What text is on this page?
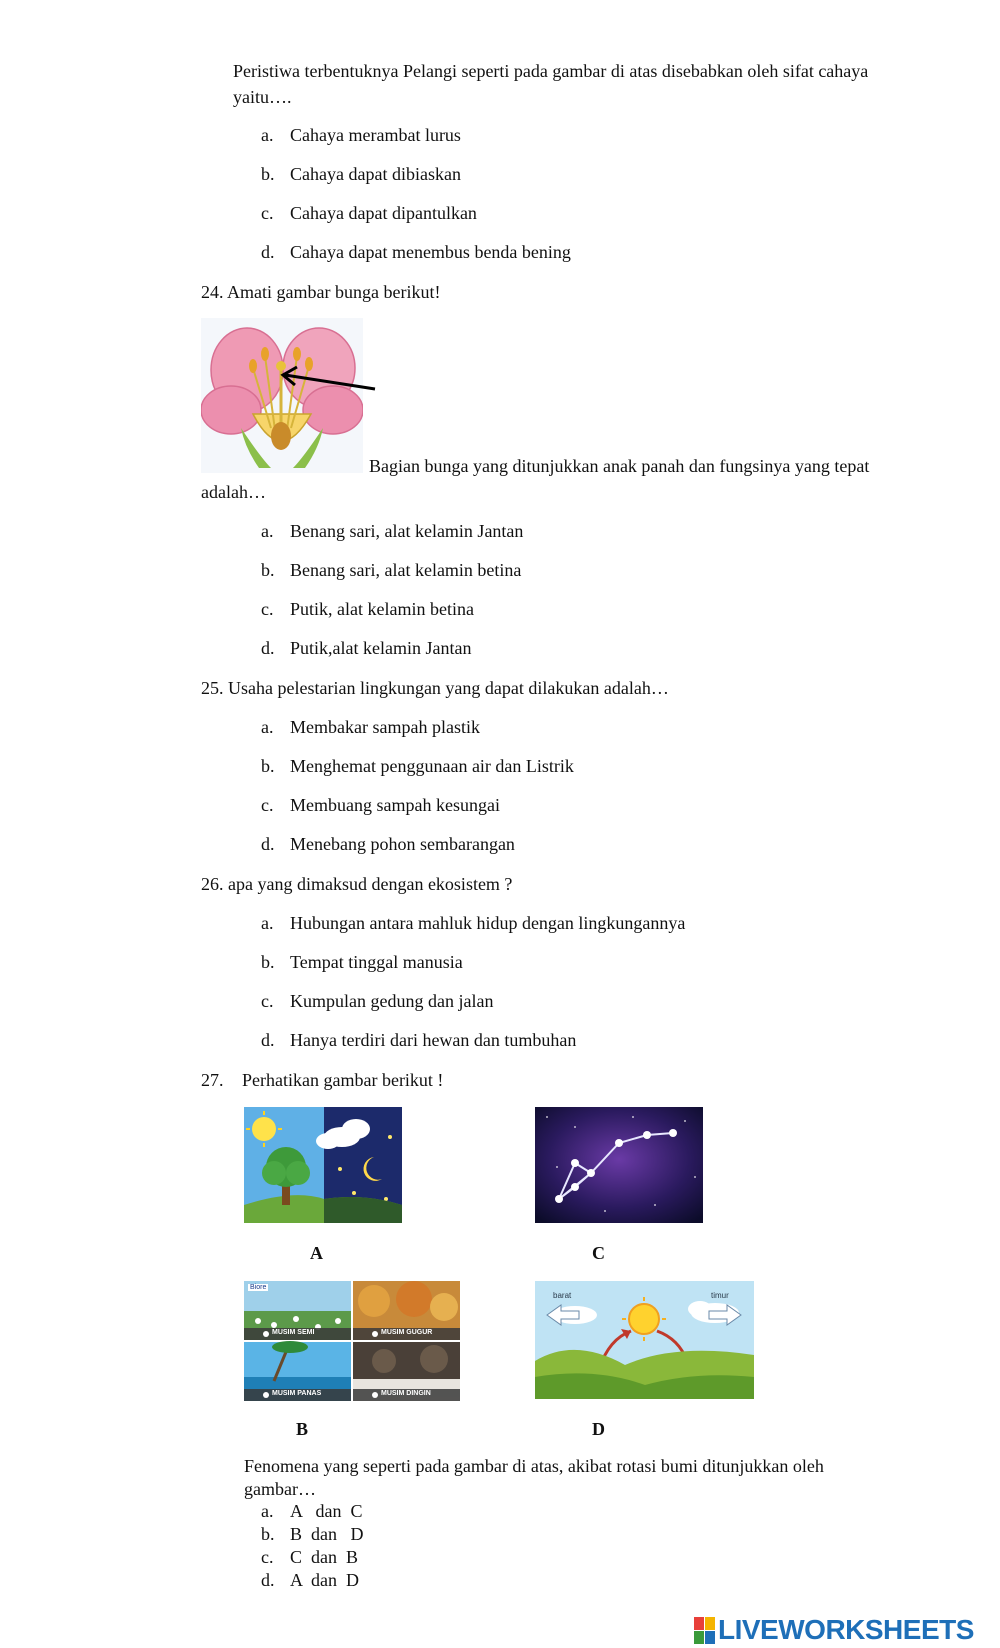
Peristiwa terbentuknya Pelangi seperti pada gambar di atas disebabkan oleh sifat cahaya
yaitu….
a. Cahaya merambat lurus
b. Cahaya dapat dibiaskan
c. Cahaya dapat dipantulkan
d. Cahaya dapat menembus benda bening
24. Amati gambar bunga berikut!
Bagian bunga yang ditunjukkan anak panah dan fungsinya yang tepat
adalah…
a. Benang sari, alat kelamin Jantan
b. Benang sari, alat kelamin betina
c. Putik, alat kelamin betina
d. Putik,alat kelamin Jantan
25. Usaha pelestarian lingkungan yang dapat dilakukan adalah…
a. Membakar sampah plastik
b. Menghemat penggunaan air dan Listrik
c. Membuang sampah kesungai
d. Menebang pohon sembarangan
26. apa yang dimaksud dengan ekosistem ?
a. Hubungan antara mahluk hidup dengan lingkungannya
b. Tempat tinggal manusia
c. Kumpulan gedung dan jalan
d. Hanya terdiri dari hewan dan tumbuhan
27. Perhatikan gambar berikut !
A	C
MUSIM SEMI	MUSIM GUGUR
MUSIM PANAS	MUSIM DINGIN
Biore
barat	timur
B	D
Fenomena yang seperti pada gambar di atas, akibat rotasi bumi ditunjukkan oleh
gambar…
a. A   dan  C
b. B  dan   D
c. C  dan  B
d. A  dan  D
LIVEWORKSHEETS
